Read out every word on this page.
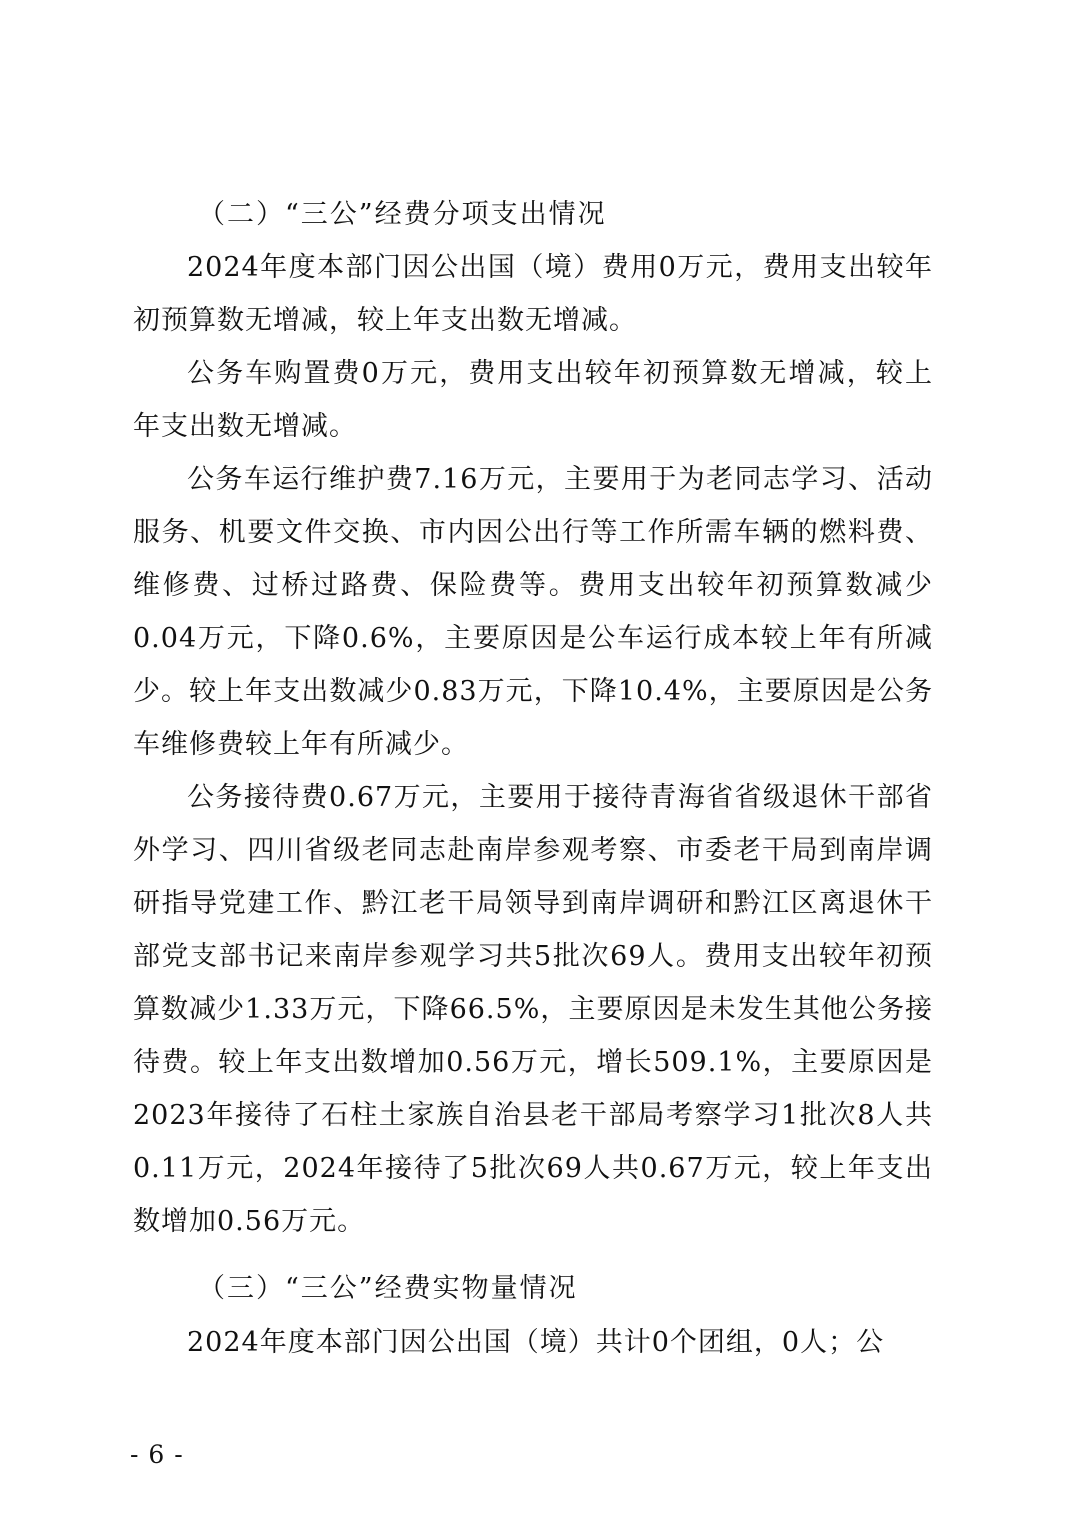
（二）“三公”经费分项支出情况

2024年度本部门因公出国（境）费用0万元，费用支出较年初预算数无增减，较上年支出数无增减。

公务车购置费0万元，费用支出较年初预算数无增减，较上年支出数无增减。

公务车运行维护费7.16万元，主要用于为老同志学习、活动服务、机要文件交换、市内因公出行等工作所需车辆的燃料费、维修费、过桥过路费、保险费等。费用支出较年初预算数减少0.04万元，下降0.6%，主要原因是公车运行成本较上年有所减少。较上年支出数减少0.83万元，下降10.4%，主要原因是公务车维修费较上年有所减少。

公务接待费0.67万元，主要用于接待青海省省级退休干部省外学习、四川省级老同志赴南岸参观考察、市委老干局到南岸调研指导党建工作、黔江老干局领导到南岸调研和黔江区离退休干部党支部书记来南岸参观学习共5批次69人。费用支出较年初预算数减少1.33万元，下降66.5%，主要原因是未发生其他公务接待费。较上年支出数增加0.56万元，增长509.1%，主要原因是2023年接待了石柱土家族自治县老干部局考察学习1批次8人共0.11万元，2024年接待了5批次69人共0.67万元，较上年支出数增加0.56万元。

（三）“三公”经费实物量情况

2024年度本部门因公出国（境）共计0个团组，0人；公

- 6 -
